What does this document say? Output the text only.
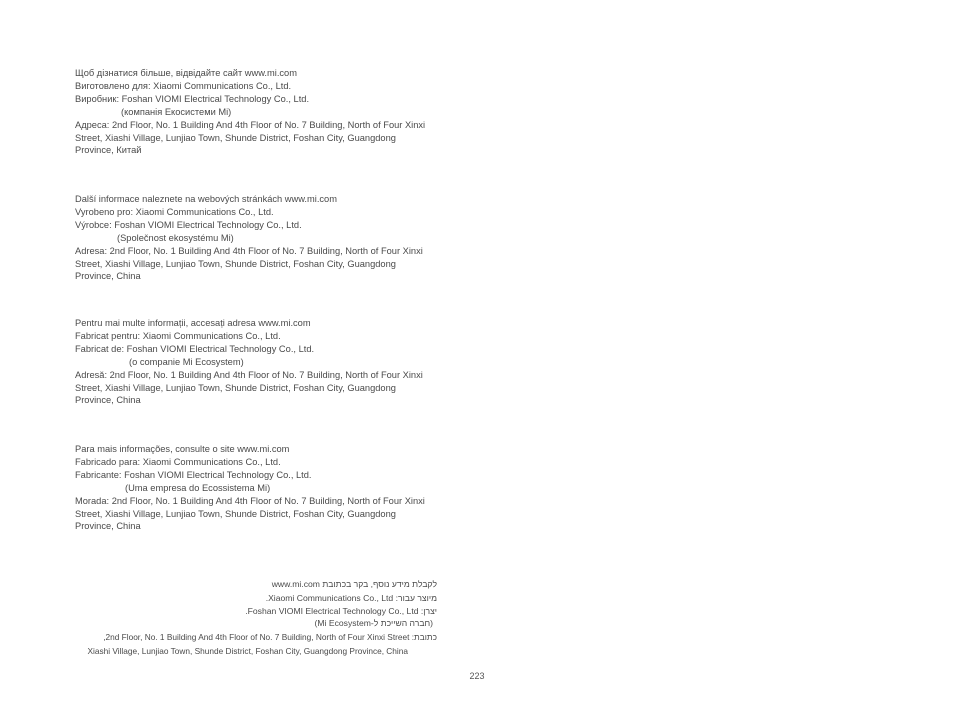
Щоб дізнатися більше, відвідайте сайт www.mi.com
Виготовлено для: Xiaomi Communications Co., Ltd.
Виробник: Foshan VIOMI Electrical Technology Co., Ltd.
(компанія Екосистеми Mi)
Адреса: 2nd Floor, No. 1 Building And 4th Floor of No. 7 Building, North of Four Xinxi
Street, Xiashi Village, Lunjiao Town, Shunde District, Foshan City, Guangdong
Province, Китай
Další informace naleznete na webových stránkách www.mi.com
Vyrobeno pro: Xiaomi Communications Co., Ltd.
Výrobce: Foshan VIOMI Electrical Technology Co., Ltd.
(Společnost ekosystému Mi)
Adresa: 2nd Floor, No. 1 Building And 4th Floor of No. 7 Building, North of Four Xinxi
Street, Xiashi Village, Lunjiao Town, Shunde District, Foshan City, Guangdong
Province, China
Pentru mai multe informații, accesați adresa www.mi.com
Fabricat pentru: Xiaomi Communications Co., Ltd.
Fabricat de: Foshan VIOMI Electrical Technology Co., Ltd.
(o companie Mi Ecosystem)
Adresă: 2nd Floor, No. 1 Building And 4th Floor of No. 7 Building, North of Four Xinxi
Street, Xiashi Village, Lunjiao Town, Shunde District, Foshan City, Guangdong
Province, China
Para mais informações, consulte o site www.mi.com
Fabricado para: Xiaomi Communications Co., Ltd.
Fabricante: Foshan VIOMI Electrical Technology Co., Ltd.
(Uma empresa do Ecossistema Mi)
Morada: 2nd Floor, No. 1 Building And 4th Floor of No. 7 Building, North of Four Xinxi
Street, Xiashi Village, Lunjiao Town, Shunde District, Foshan City, Guangdong
Province, China
לקבלת מידע נוסף, בקר בכתובת www.mi.com
מיוצר עבור: Xiaomi Communications Co., Ltd.
יצרן: Foshan VIOMI Electrical Technology Co., Ltd.
(חברה השייכת ל-Mi Ecosystem)
כתובת: 2nd Floor, No. 1 Building And 4th Floor of No. 7 Building, North of Four Xinxi Street,
Xiashi Village, Lunjiao Town, Shunde District, Foshan City, Guangdong Province, China
223
